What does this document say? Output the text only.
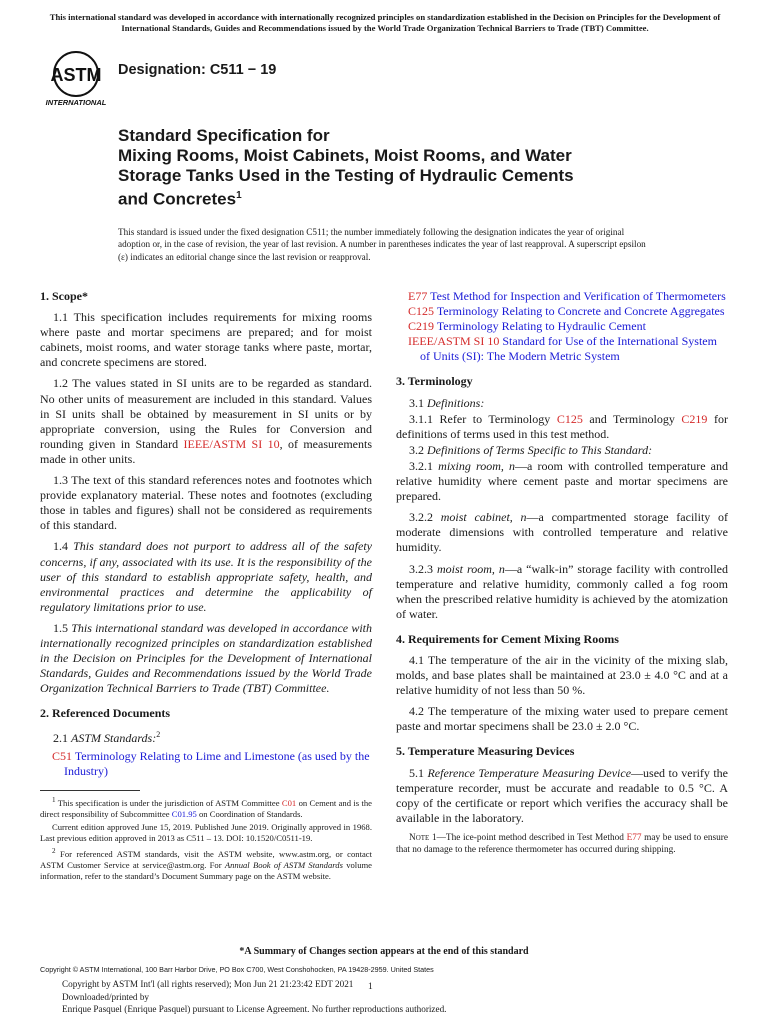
This international standard was developed in accordance with internationally recognized principles on standardization established in the Decision on Principles for the Development of International Standards, Guides and Recommendations issued by the World Trade Organization Technical Barriers to Trade (TBT) Committee.
ASTM
INTERNATIONAL
Designation: C511 − 19
Standard Specification for
Mixing Rooms, Moist Cabinets, Moist Rooms, and Water
Storage Tanks Used in the Testing of Hydraulic Cements
and Concretes$^1$
This standard is issued under the fixed designation C511; the number immediately following the designation indicates the year of original adoption or, in the case of revision, the year of last revision. A number in parentheses indicates the year of last reapproval. A superscript epsilon (ε) indicates an editorial change since the last revision or reapproval.

1. Scope*

1.1 This specification includes requirements for mixing rooms where paste and mortar specimens are prepared; and for moist cabinets, moist rooms, and water storage tanks where paste, mortar, and concrete specimens are stored.

1.2 The values stated in SI units are to be regarded as standard. No other units of measurement are included in this standard. Values in SI units shall be obtained by measurement in SI units or by appropriate conversion, using the Rules for Conversion and rounding given in Standard IEEE/ASTM SI 10, of measurements made in other units.

1.3 The text of this standard references notes and footnotes which provide explanatory material. These notes and footnotes (excluding those in tables and figures) shall not be considered as requirements of this standard.

1.4 This standard does not purport to address all of the safety concerns, if any, associated with its use. It is the responsibility of the user of this standard to establish appropriate safety, health, and environmental practices and determine the applicability of regulatory limitations prior to use.

1.5 This international standard was developed in accordance with internationally recognized principles on standardization established in the Decision on Principles for the Development of International Standards, Guides and Recommendations issued by the World Trade Organization Technical Barriers to Trade (TBT) Committee.

2. Referenced Documents

2.1 ASTM Standards:$^2$

C51 Terminology Relating to Lime and Limestone (as used by the Industry)

$^1$ This specification is under the jurisdiction of ASTM Committee C01 on Cement and is the direct responsibility of Subcommittee C01.95 on Coordination of Standards.

Current edition approved June 15, 2019. Published June 2019. Originally approved in 1968. Last previous edition approved in 2013 as C511 – 13. DOI: 10.1520/C0511-19.

$^2$ For referenced ASTM standards, visit the ASTM website, www.astm.org, or contact ASTM Customer Service at service@astm.org. For Annual Book of ASTM Standards volume information, refer to the standard’s Document Summary page on the ASTM website.

E77 Test Method for Inspection and Verification of Thermometers

C125 Terminology Relating to Concrete and Concrete Aggregates

C219 Terminology Relating to Hydraulic Cement

IEEE/ASTM SI 10 Standard for Use of the International System of Units (SI): The Modern Metric System

3. Terminology

3.1 Definitions:

3.1.1 Refer to Terminology C125 and Terminology C219 for definitions of terms used in this test method.

3.2 Definitions of Terms Specific to This Standard:

3.2.1 mixing room, n—a room with controlled temperature and relative humidity where cement paste and mortar specimens are prepared.

3.2.2 moist cabinet, n—a compartmented storage facility of moderate dimensions with controlled temperature and relative humidity.

3.2.3 moist room, n—a “walk-in” storage facility with controlled temperature and relative humidity, commonly called a fog room when the prescribed relative humidity is achieved by the atomization of water.

4. Requirements for Cement Mixing Rooms

4.1 The temperature of the air in the vicinity of the mixing slab, molds, and base plates shall be maintained at 23.0 ± 4.0 °C and at a relative humidity of not less than 50 %.

4.2 The temperature of the mixing water used to prepare cement paste and mortar specimens shall be 23.0 ± 2.0 °C.

5. Temperature Measuring Devices

5.1 Reference Temperature Measuring Device—used to verify the temperature recorder, must be accurate and readable to 0.5 °C. A copy of the certificate or report which verifies the accuracy shall be available in the laboratory.

Note 1—The ice-point method described in Test Method E77 may be used to ensure that no damage to the reference thermometer has occurred during shipping.

*A Summary of Changes section appears at the end of this standard
Copyright © ASTM International, 100 Barr Harbor Drive, PO Box C700, West Conshohocken, PA 19428-2959. United States
Copyright by ASTM Int'l (all rights reserved); Mon Jun 21 21:23:42 EDT 2021
Downloaded/printed by
Enrique Pasquel (Enrique Pasquel) pursuant to License Agreement. No further reproductions authorized.
1
